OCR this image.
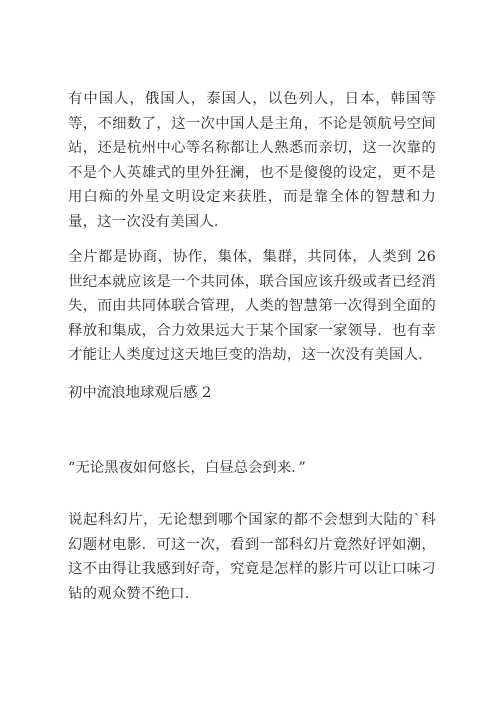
有中国人，俄国人，泰国人，以色列人，日本，韩国等等，不细数了，这一次中国人是主角，不论是领航号空间站，还是杭州中心等名称都让人熟悉而亲切，这一次靠的不是个人英雄式的里外狂澜，也不是傻傻的设定，更不是用白痴的外星文明设定来获胜，而是靠全体的智慧和力量，这一次没有美国人.

全片都是协商，协作，集体，集群，共同体，人类到 26 世纪本就应该是一个共同体，联合国应该升级或者已经消失，而由共同体联合管理，人类的智慧第一次得到全面的释放和集成，合力效果远大于某个国家一家领导．也有幸才能让人类度过这天地巨变的浩劫，这一次没有美国人.

初中流浪地球观后感 2

“无论黑夜如何悠长，白昼总会到来．”

说起科幻片，无论想到哪个国家的都不会想到大陆的`科幻题材电影．可这一次，看到一部科幻片竟然好评如潮，这不由得让我感到好奇，究竟是怎样的影片可以让口味刁钻的观众赞不绝口.
